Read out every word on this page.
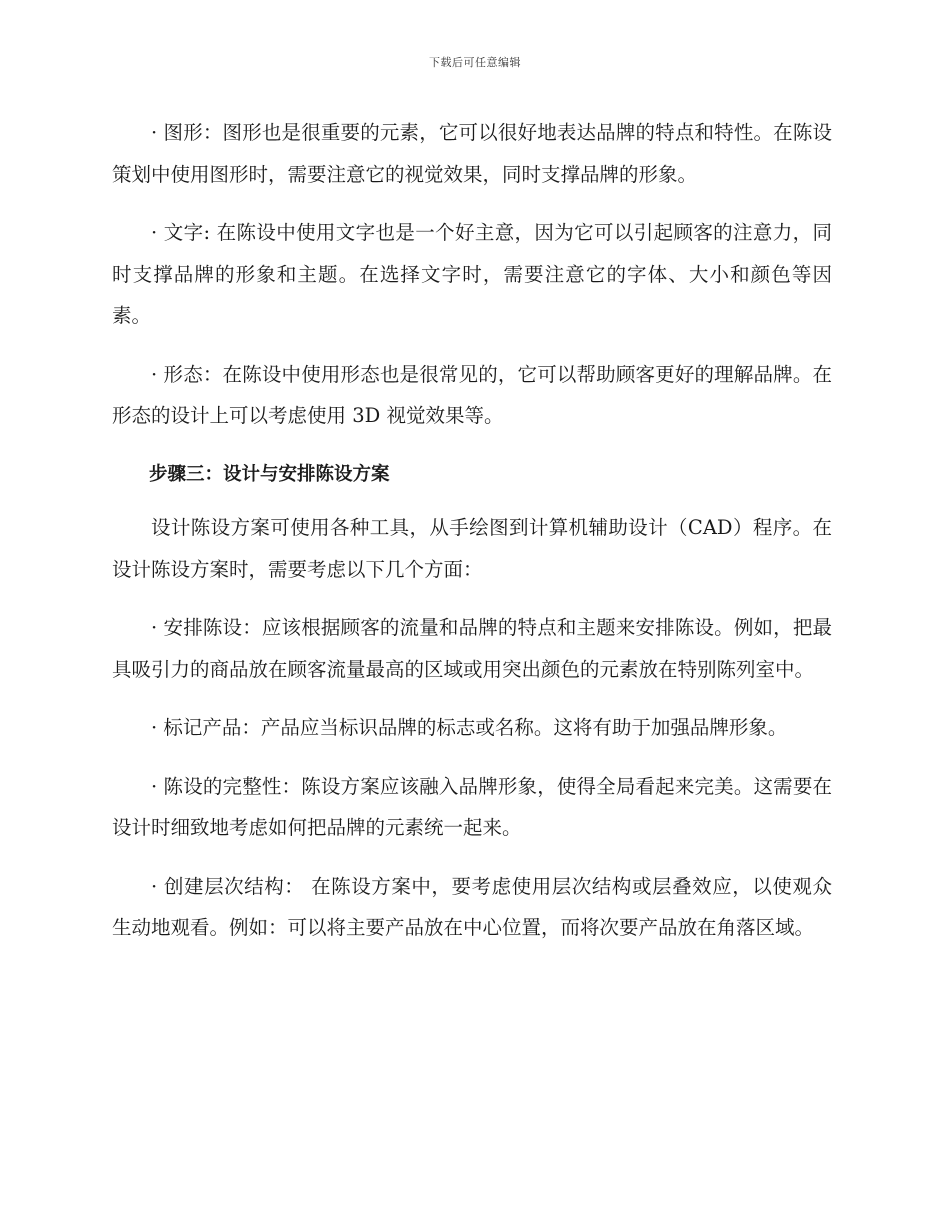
下载后可任意编辑

· 图形：图形也是很重要的元素，它可以很好地表达品牌的特点和特性。在陈设策划中使用图形时，需要注意它的视觉效果，同时支撑品牌的形象。

· 文字: 在陈设中使用文字也是一个好主意，因为它可以引起顾客的注意力，同时支撑品牌的形象和主题。在选择文字时，需要注意它的字体、大小和颜色等因素。

· 形态：在陈设中使用形态也是很常见的，它可以帮助顾客更好的理解品牌。在形态的设计上可以考虑使用 3D 视觉效果等。

步骤三：设计与安排陈设方案

设计陈设方案可使用各种工具，从手绘图到计算机辅助设计（CAD）程序。在设计陈设方案时，需要考虑以下几个方面：

· 安排陈设：应该根据顾客的流量和品牌的特点和主题来安排陈设。例如，把最具吸引力的商品放在顾客流量最高的区域或用突出颜色的元素放在特别陈列室中。

· 标记产品：产品应当标识品牌的标志或名称。这将有助于加强品牌形象。

· 陈设的完整性：陈设方案应该融入品牌形象，使得全局看起来完美。这需要在设计时细致地考虑如何把品牌的元素统一起来。

· 创建层次结构： 在陈设方案中，要考虑使用层次结构或层叠效应，以使观众生动地观看。例如：可以将主要产品放在中心位置，而将次要产品放在角落区域。
